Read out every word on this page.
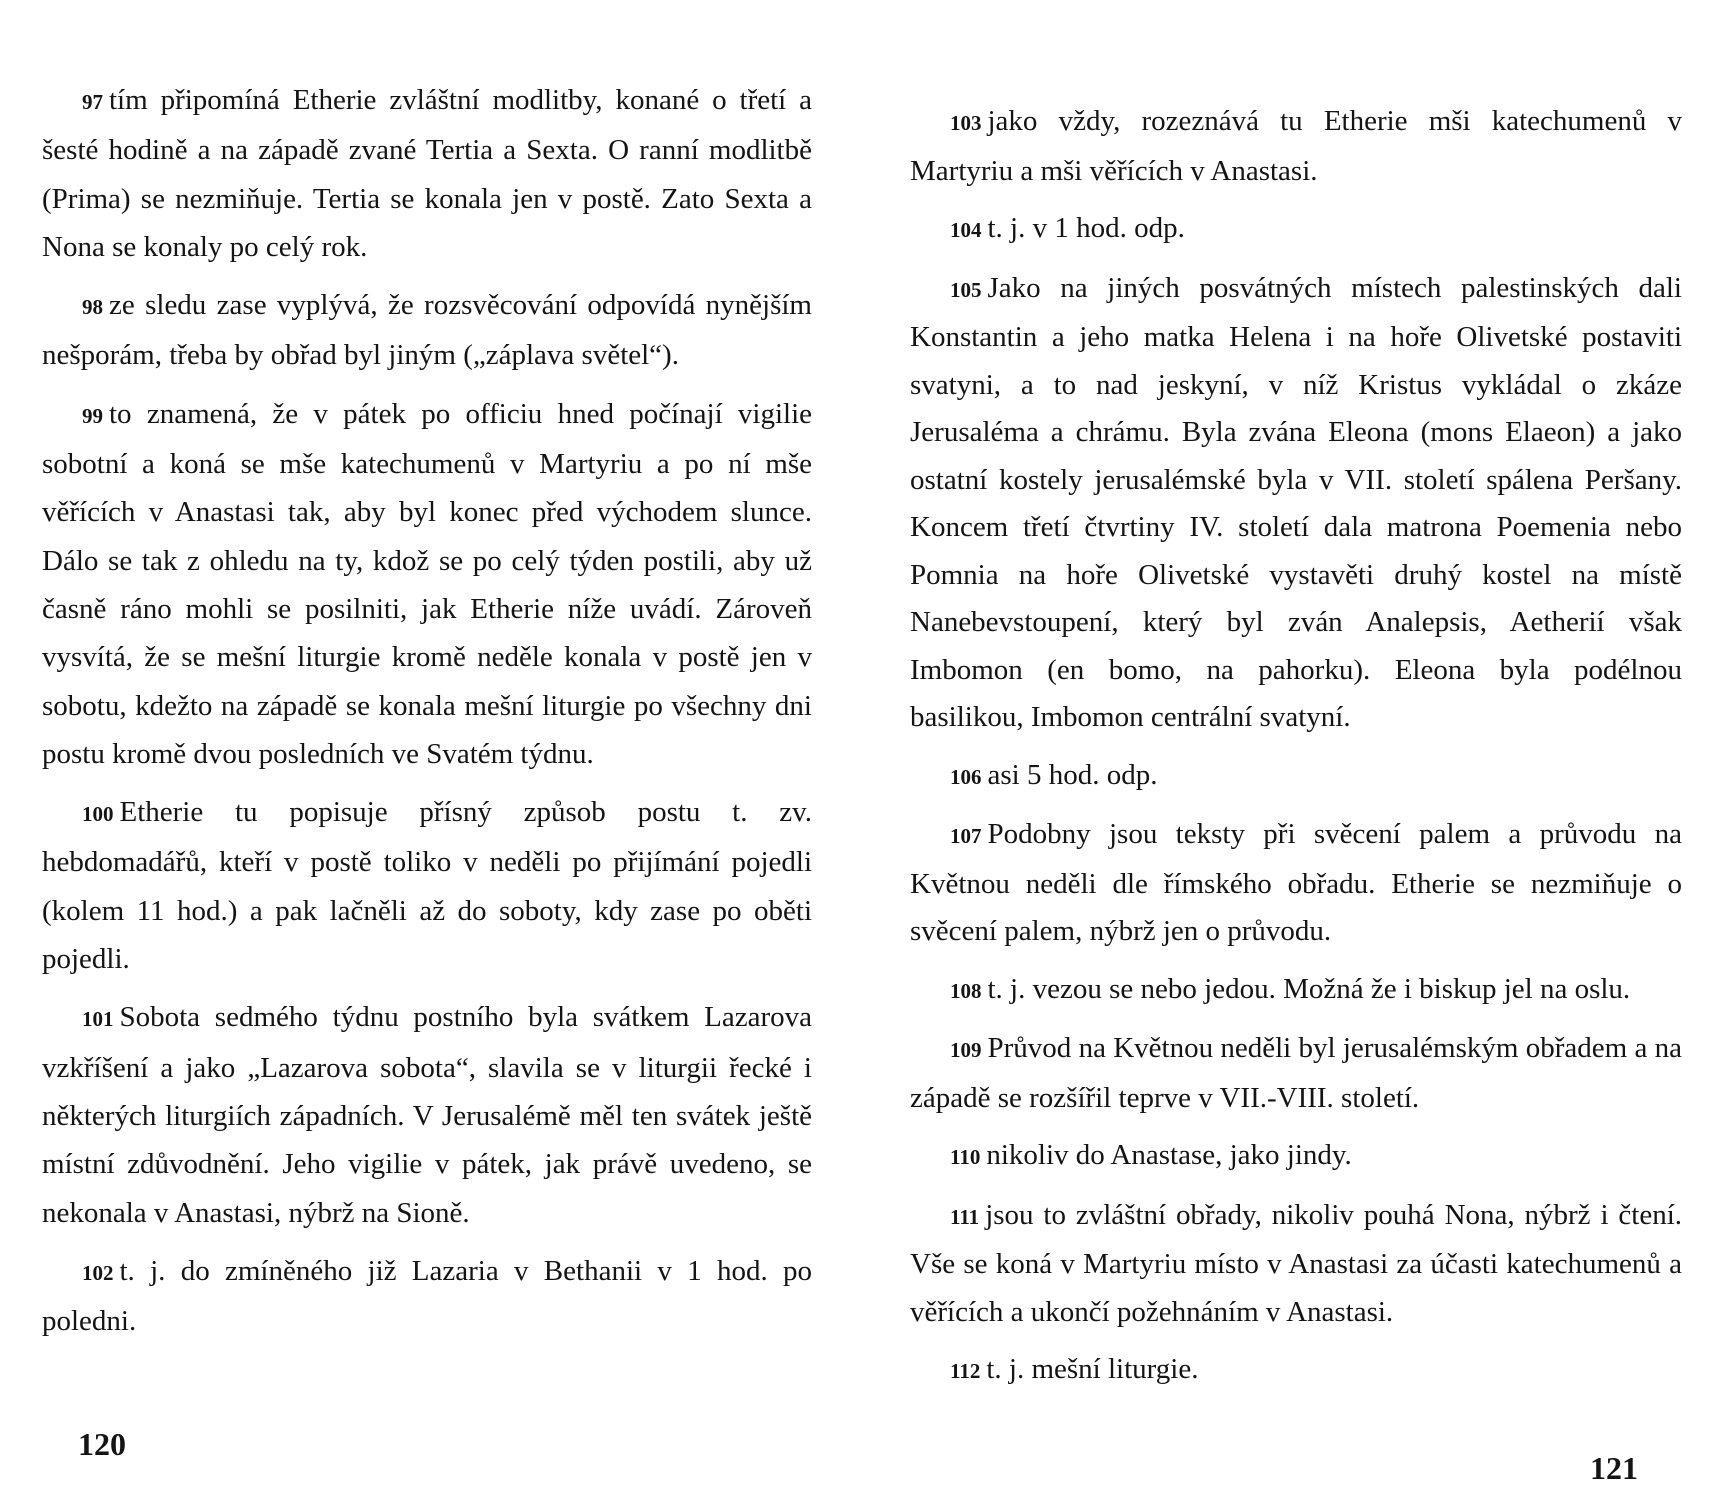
97 tím připomíná Etherie zvláštní modlitby, konané o třetí a šesté hodině a na západě zvané Tertia a Sexta. O ranní modlitbě (Prima) se nezmiňuje. Tertia se konala jen v postě. Zato Sexta a Nona se konaly po celý rok.

98 ze sledu zase vyplývá, že rozsvěcování odpovídá nynějším nešporám, třeba by obřad byl jiným („záplava světel“).

99 to znamená, že v pátek po officiu hned počínají vigilie sobotní a koná se mše katechumenů v Martyriu a po ní mše věřících v Anastasi tak, aby byl konec před východem slunce. Dálo se tak z ohledu na ty, kdož se po celý týden postili, aby už časně ráno mohli se posilniti, jak Etherie níže uvádí. Zároveň vysvítá, že se mešní liturgie kromě neděle konala v postě jen v sobotu, kdežto na západě se konala mešní liturgie po všechny dni postu kromě dvou posledních ve Svatém týdnu.

100 Etherie tu popisuje přísný způsob postu t. zv. hebdomadářů, kteří v postě toliko v neděli po přijímání pojedli (kolem 11 hod.) a pak lačněli až do soboty, kdy zase po oběti pojedli.

101 Sobota sedmého týdnu postního byla svátkem Lazarova vzkříšení a jako „Lazarova sobota“, slavila se v liturgii řecké i některých liturgiích západních. V Jerusalémě měl ten svátek ještě místní zdůvodnění. Jeho vigilie v pátek, jak právě uvedeno, se nekonala v Anastasi, nýbrž na Sioně.

102 t. j. do zmíněného již Lazaria v Bethanii v 1 hod. po poledni.

120

103 jako vždy, rozeznává tu Etherie mši katechumenů v Martyriu a mši věřících v Anastasi.

104 t. j. v 1 hod. odp.

105 Jako na jiných posvátných místech palestinských dali Konstantin a jeho matka Helena i na hoře Olivetské postaviti svatyni, a to nad jeskyní, v níž Kristus vykládal o zkáze Jerusaléma a chrámu. Byla zvána Eleona (mons Elaeon) a jako ostatní kostely jerusalémské byla v VII. století spálena Peršany. Koncem třetí čtvrtiny IV. století dala matrona Poemenia nebo Pomnia na hoře Olivetské vystavěti druhý kostel na místě Nanebevstoupení, který byl zván Analepsis, Aetherií však Imbomon (en bomo, na pahorku). Eleona byla podélnou basilikou, Imbomon centrální svatyní.

106 asi 5 hod. odp.

107 Podobny jsou teksty při svěcení palem a průvodu na Květnou neděli dle římského obřadu. Etherie se nezmiňuje o svěcení palem, nýbrž jen o průvodu.

108 t. j. vezou se nebo jedou. Možná že i biskup jel na oslu.

109 Průvod na Květnou neděli byl jerusalémským obřadem a na západě se rozšířil teprve v VII.-VIII. století.

110 nikoliv do Anastase, jako jindy.

111 jsou to zvláštní obřady, nikoliv pouhá Nona, nýbrž i čtení. Vše se koná v Martyriu místo v Anastasi za účasti katechumenů a věřících a ukončí požehnáním v Anastasi.

112 t. j. mešní liturgie.

121
